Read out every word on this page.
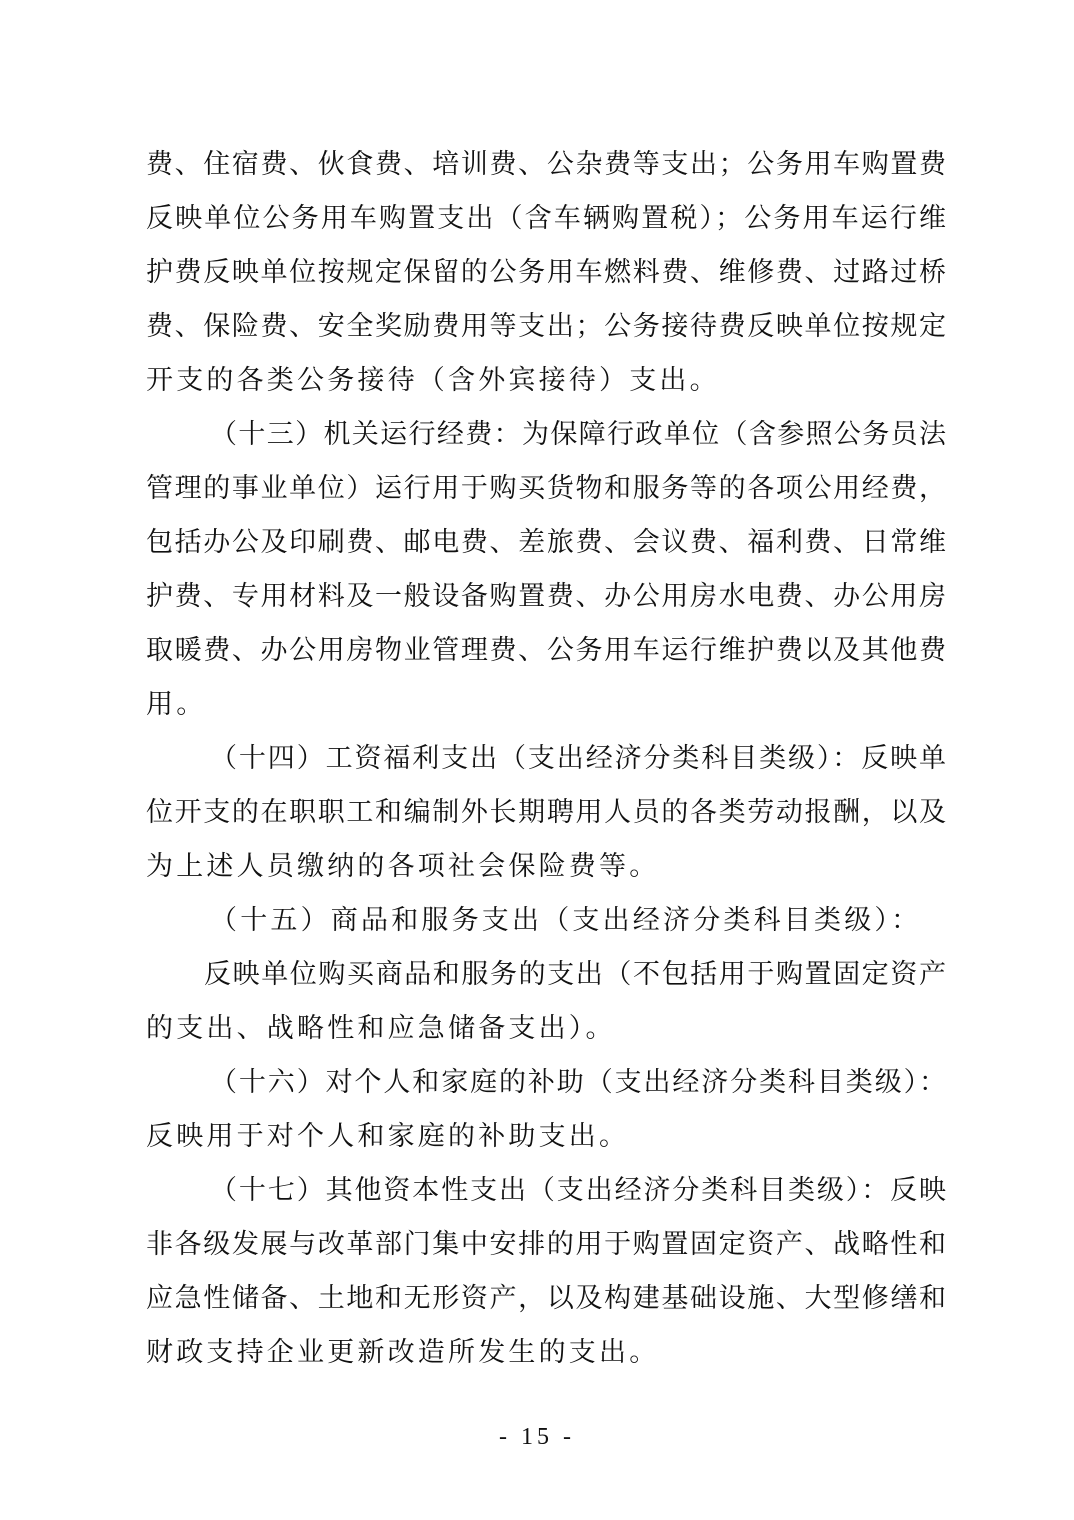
费、住宿费、伙食费、培训费、公杂费等支出；公务用车购置费
反映单位公务用车购置支出（含车辆购置税）；公务用车运行维
护费反映单位按规定保留的公务用车燃料费、维修费、过路过桥
费、保险费、安全奖励费用等支出；公务接待费反映单位按规定
开支的各类公务接待（含外宾接待）支出。
（十三）机关运行经费：为保障行政单位（含参照公务员法
管理的事业单位）运行用于购买货物和服务等的各项公用经费，
包括办公及印刷费、邮电费、差旅费、会议费、福利费、日常维
护费、专用材料及一般设备购置费、办公用房水电费、办公用房
取暖费、办公用房物业管理费、公务用车运行维护费以及其他费
用。
（十四）工资福利支出（支出经济分类科目类级）：反映单
位开支的在职职工和编制外长期聘用人员的各类劳动报酬，以及
为上述人员缴纳的各项社会保险费等。
（十五）商品和服务支出（支出经济分类科目类级）：
反映单位购买商品和服务的支出（不包括用于购置固定资产
的支出、战略性和应急储备支出）。
（十六）对个人和家庭的补助（支出经济分类科目类级）：
反映用于对个人和家庭的补助支出。
（十七）其他资本性支出（支出经济分类科目类级）：反映
非各级发展与改革部门集中安排的用于购置固定资产、战略性和
应急性储备、土地和无形资产，以及构建基础设施、大型修缮和
财政支持企业更新改造所发生的支出。
- 15 -
